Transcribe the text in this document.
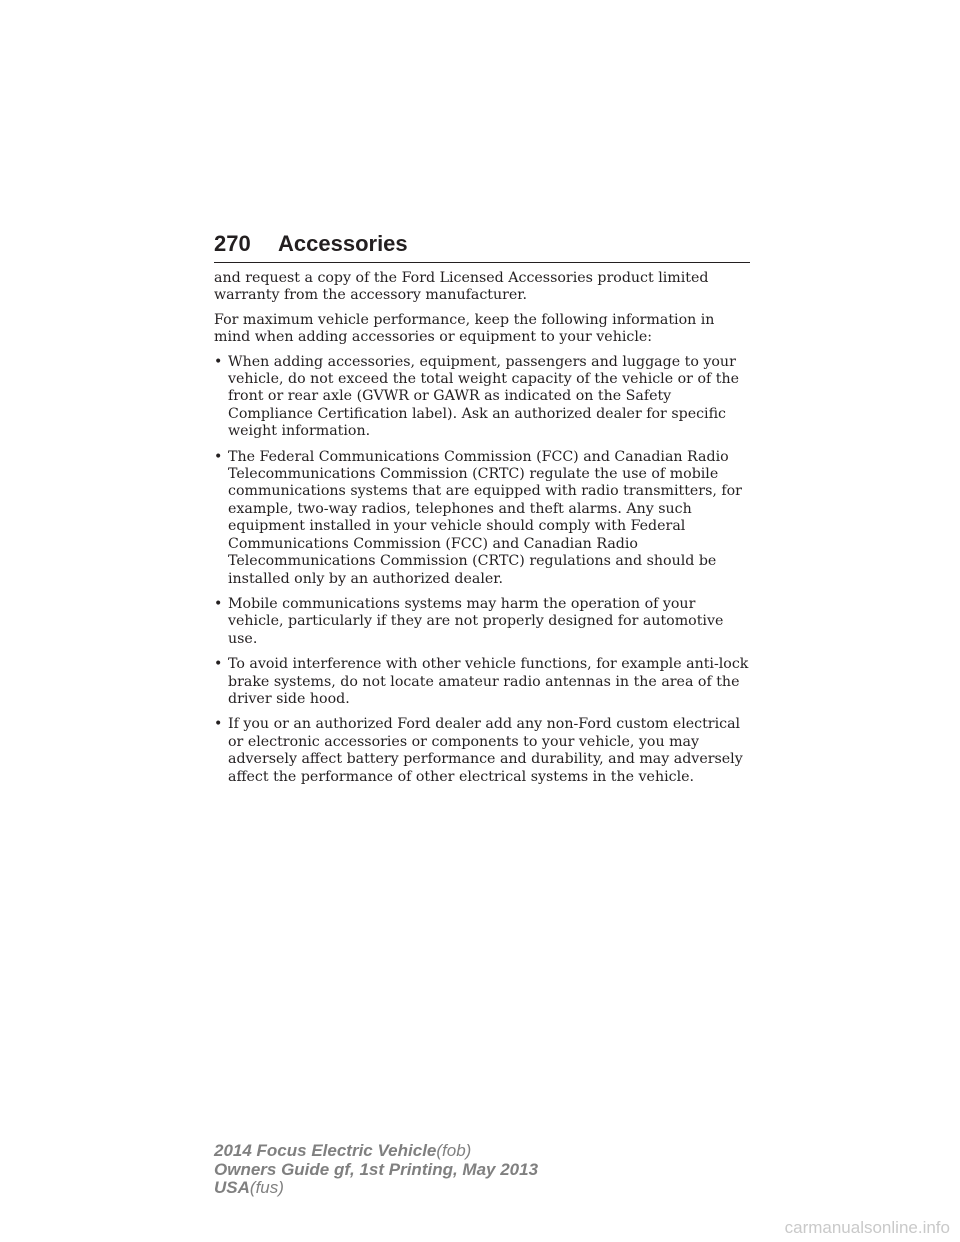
270 Accessories

and request a copy of the Ford Licensed Accessories product limited warranty from the accessory manufacturer.

For maximum vehicle performance, keep the following information in mind when adding accessories or equipment to your vehicle:

• When adding accessories, equipment, passengers and luggage to your vehicle, do not exceed the total weight capacity of the vehicle or of the front or rear axle (GVWR or GAWR as indicated on the Safety Compliance Certification label). Ask an authorized dealer for specific weight information.
• The Federal Communications Commission (FCC) and Canadian Radio Telecommunications Commission (CRTC) regulate the use of mobile communications systems that are equipped with radio transmitters, for example, two-way radios, telephones and theft alarms. Any such equipment installed in your vehicle should comply with Federal Communications Commission (FCC) and Canadian Radio Telecommunications Commission (CRTC) regulations and should be installed only by an authorized dealer.
• Mobile communications systems may harm the operation of your vehicle, particularly if they are not properly designed for automotive use.
• To avoid interference with other vehicle functions, for example anti-lock brake systems, do not locate amateur radio antennas in the area of the driver side hood.
• If you or an authorized Ford dealer add any non-Ford custom electrical or electronic accessories or components to your vehicle, you may adversely affect battery performance and durability, and may adversely affect the performance of other electrical systems in the vehicle.
2014 Focus Electric Vehicle(fob)
Owners Guide gf, 1st Printing, May 2013
USA(fus)
carmanualsonline.info
